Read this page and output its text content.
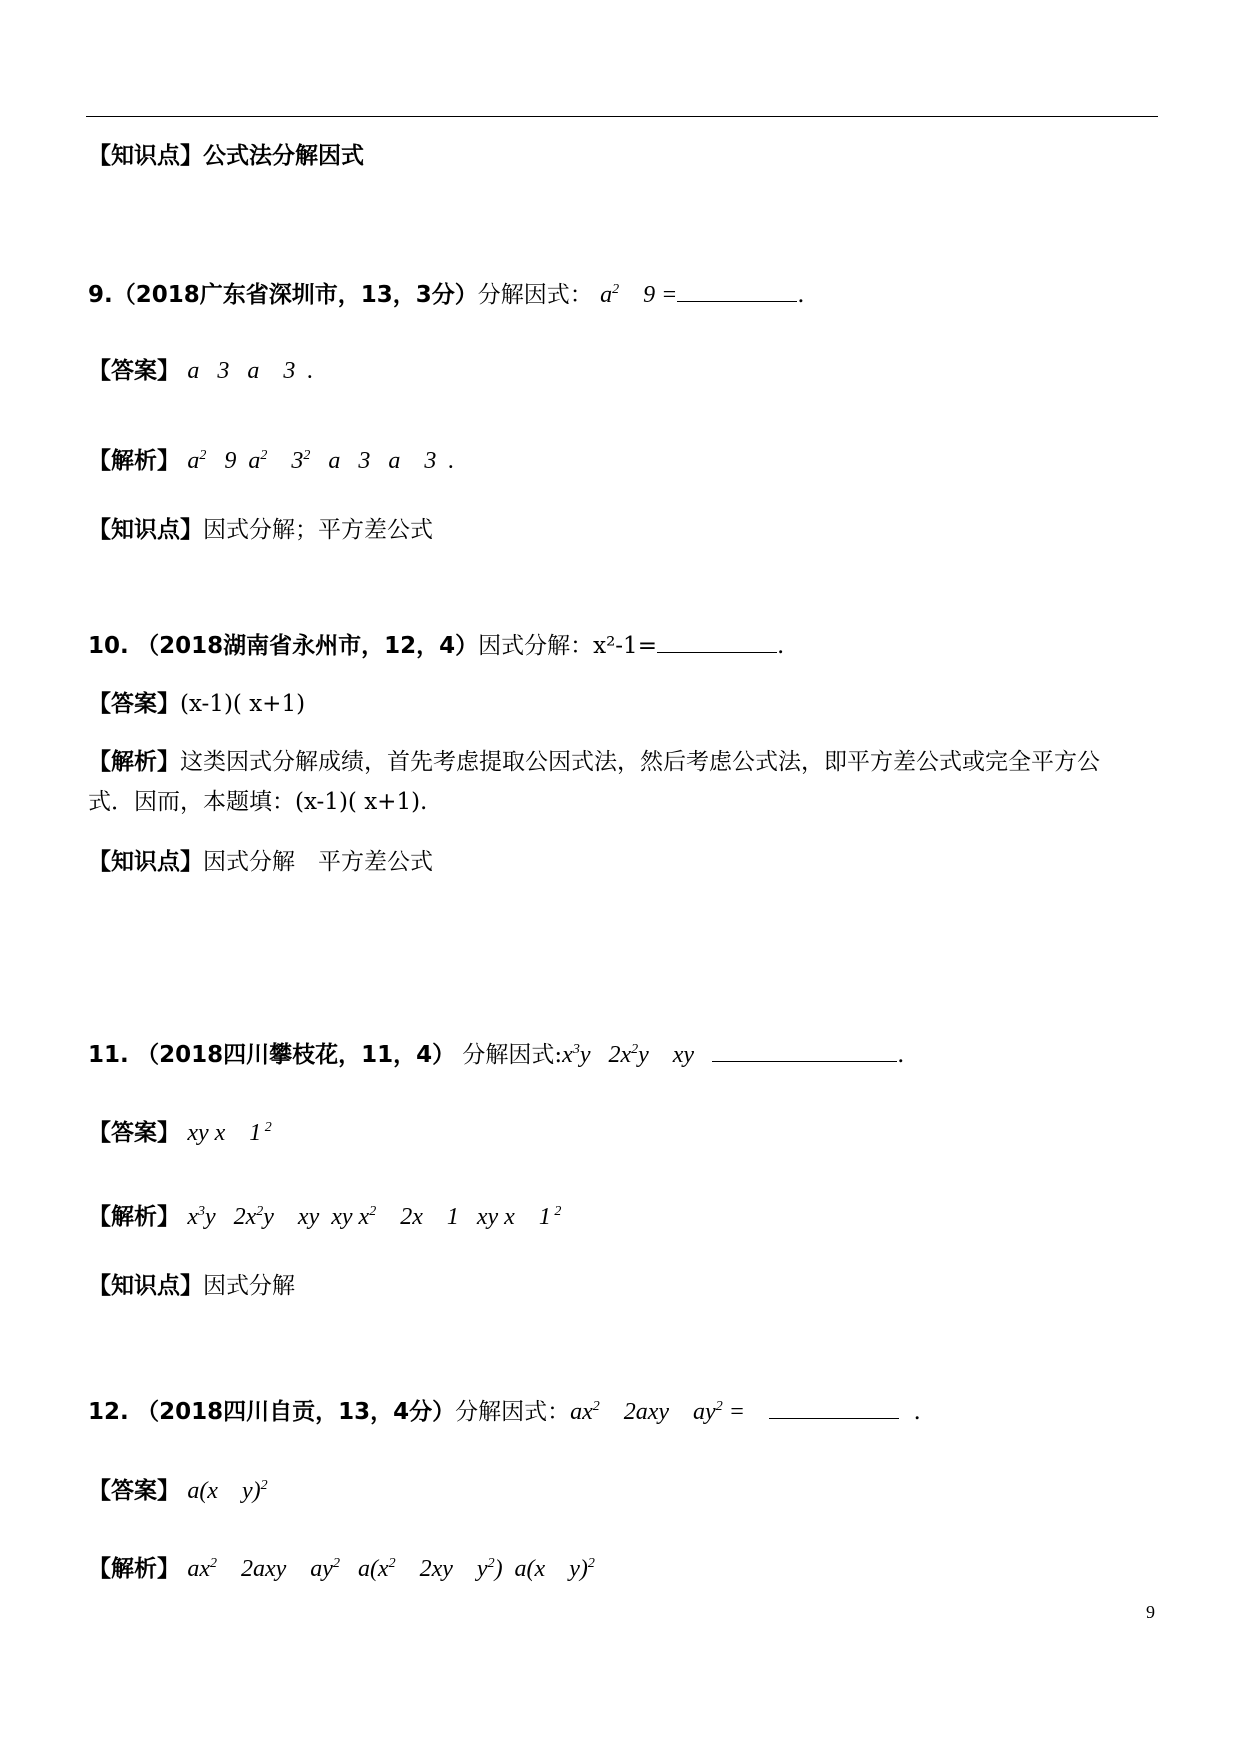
【知识点】公式法分解因式
9.（2018广东省深圳市，13，3分）分解因式： $a^2$    9 =	.
【答案】 a   3   a    3  .
【解析】 $a^2$   9  $a^2$    $3^2$   a   3   a    3  .
【知识点】因式分解；平方差公式
10. （2018湖南省永州市，12，4）因式分解：x²-1=	.
【答案】(x-1)( x+1)
【解析】这类因式分解成绩，首先考虑提取公因式法，然后考虑公式法，即平方差公式或完全平方公
式．因而，本题填：(x-1)( x+1).
【知识点】因式分解　平方差公式
11. （2018四川攀枝花，11，4） 分解因式$:x^3y$   $2x^2y$    xy	.
【答案】 xy x    1 $^2$
【解析】 $x^3y$   $2x^2y$    xy  xy $x^2$    2x    1   xy x    1 $^2$
【知识点】因式分解
12. （2018四川自贡，13，4分）分解因式：$ax^2$    2axy    $ay^2$ =	.
【答案】 a(x    y)$^2$
【解析】 $ax^2$    2axy    $ay^2$   $a(x^2$    2xy    $y^2$)  a(x    y)$^2$
9
